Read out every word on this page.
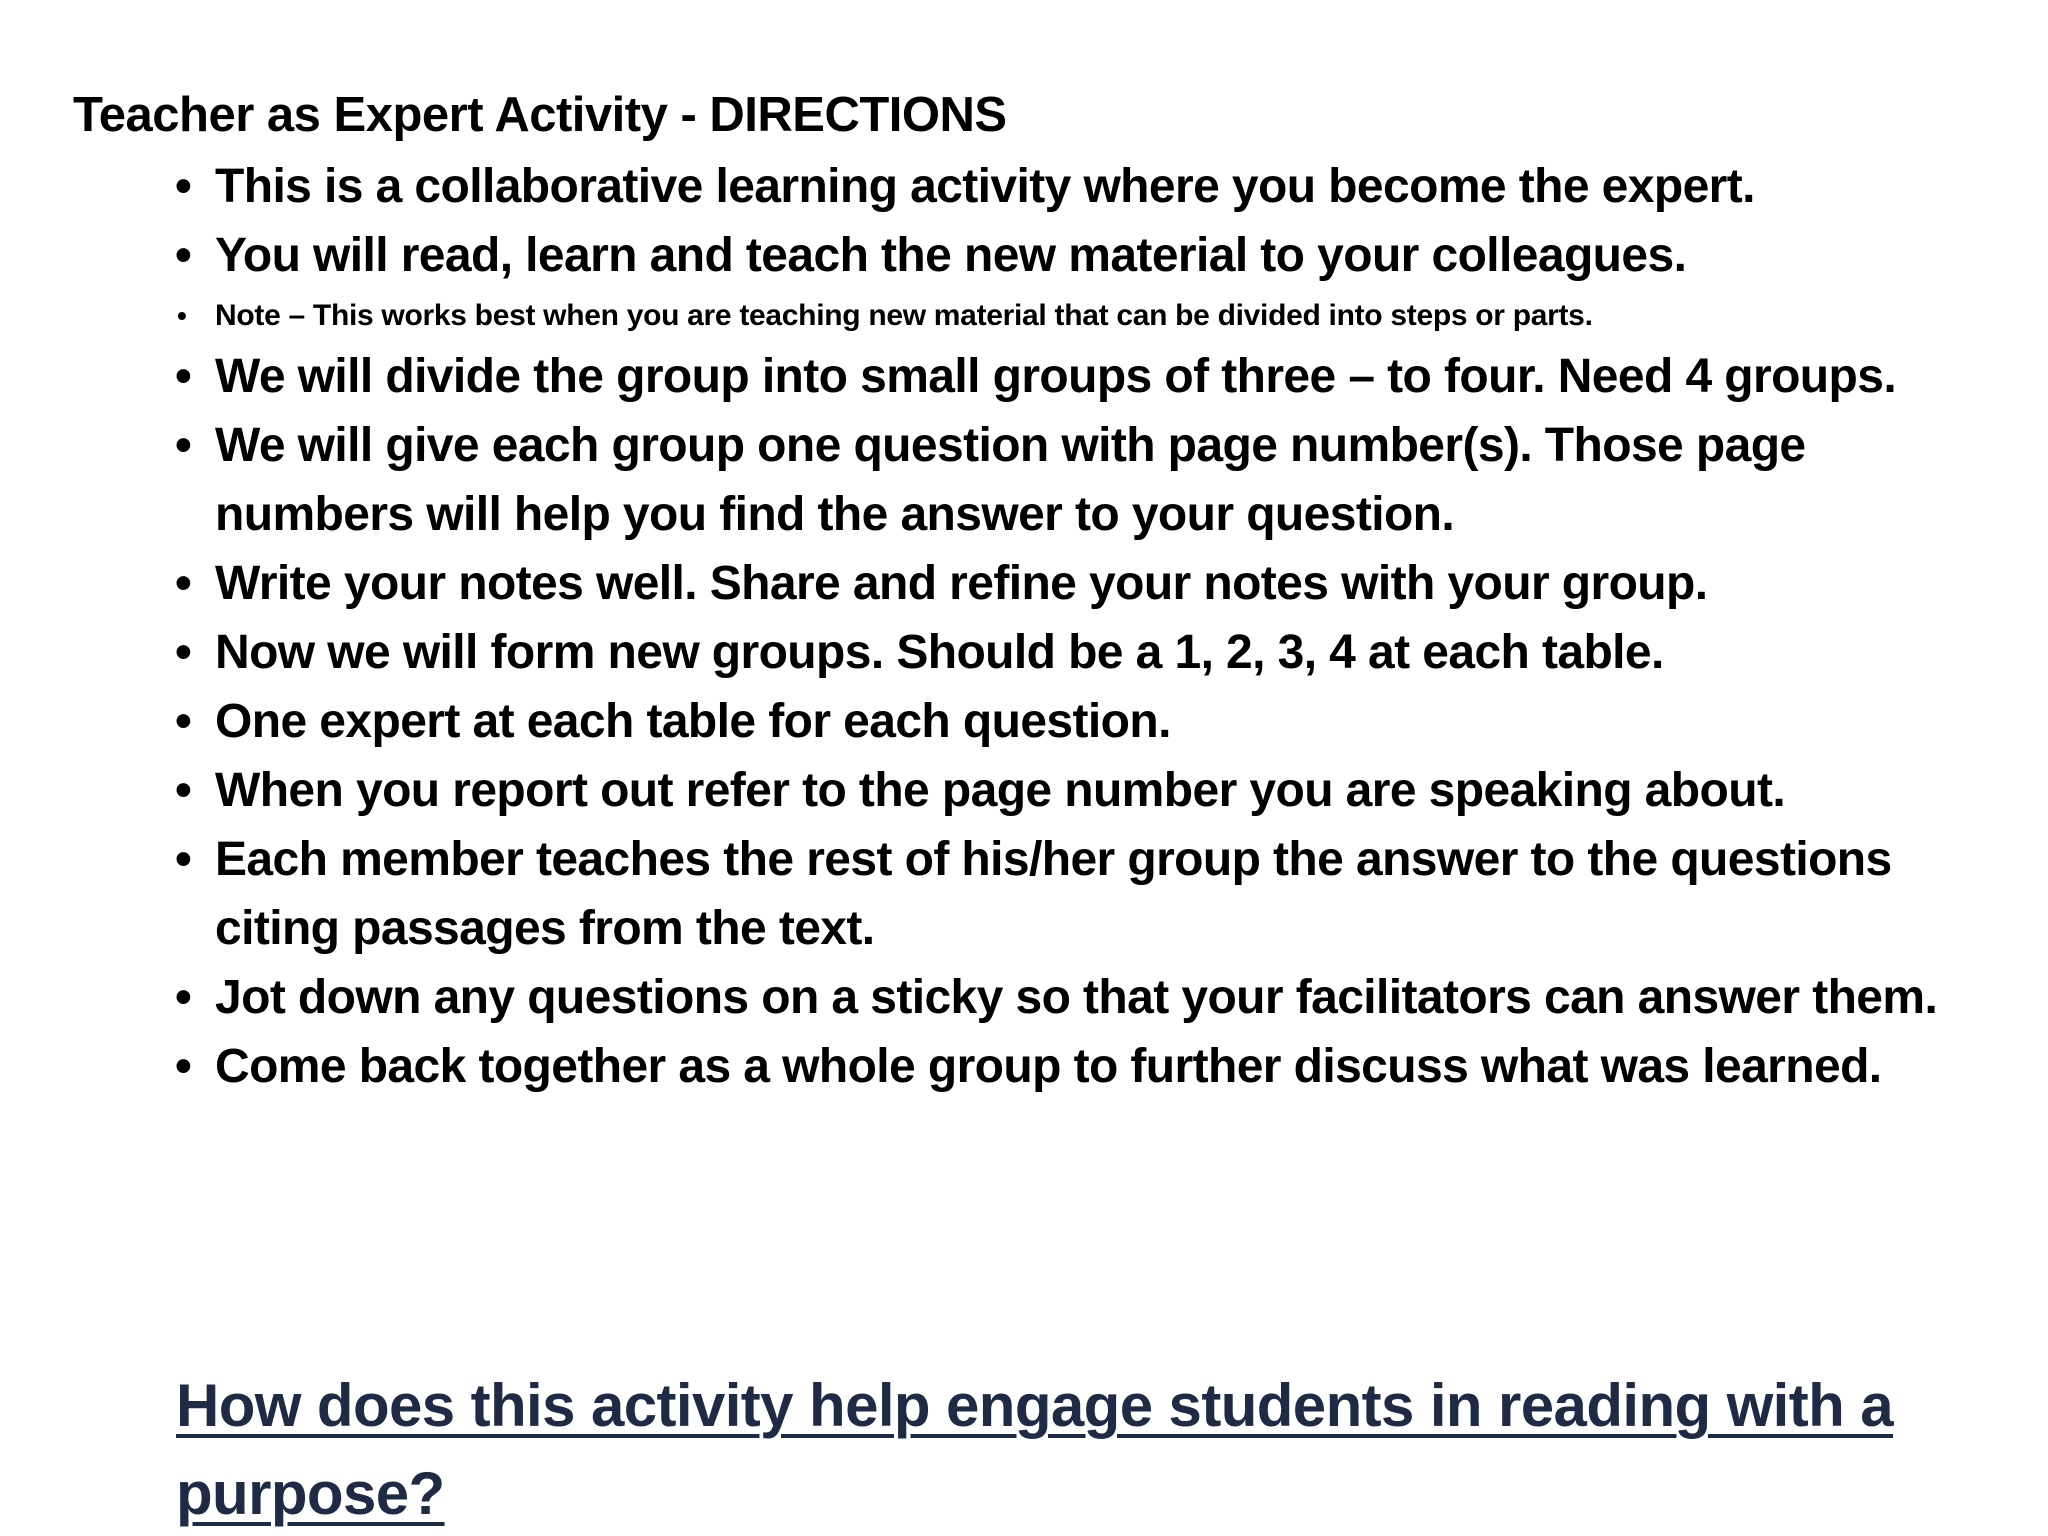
Teacher as Expert Activity - DIRECTIONS
• This is a collaborative learning activity where you become the expert.
• You will read, learn and teach the new material to your colleagues.
• Note – This works best when you are teaching new material that can be divided into steps or parts.
• We will divide the group into small groups of three – to four. Need 4 groups.
• We will give each group one question with page number(s). Those page numbers will help you find the answer to your question.
• Write your notes well. Share and refine your notes with your group.
• Now we will form new groups. Should be a 1, 2, 3, 4 at each table.
• One expert at each table for each question.
• When you report out refer to the page number you are speaking about.
• Each member teaches the rest of his/her group the answer to the questions citing passages from the text.
• Jot down any questions on a sticky so that your facilitators can answer them.
• Come back together as a whole group to further discuss what was learned.
How does this activity help engage students in reading with a purpose?
